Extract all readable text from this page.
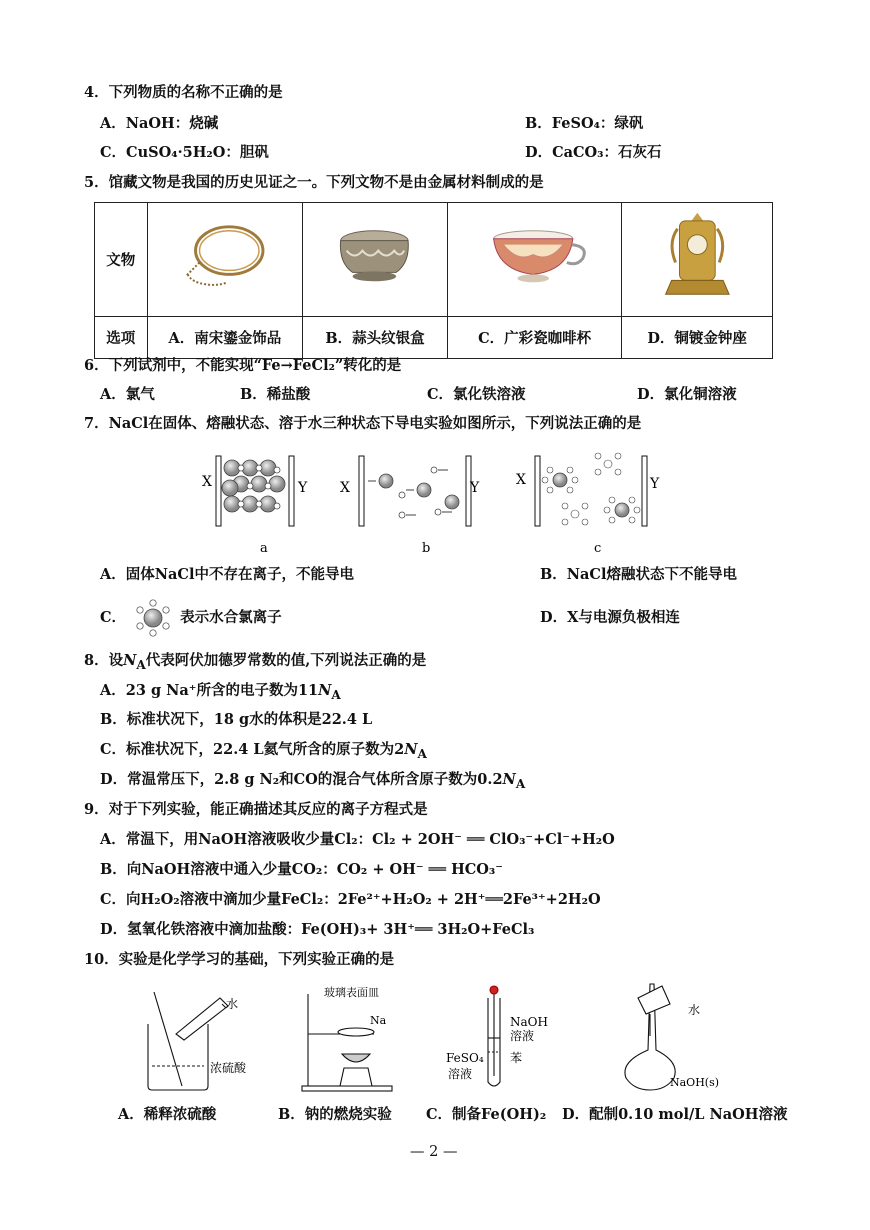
4．下列物质的名称不正确的是
A．NaOH：烧碱	B．FeSO₄：绿矾
C．CuSO₄·5H₂O：胆矾	D．CaCO₃：石灰石
5．馆藏文物是我国的历史见证之一。下列文物不是由金属材料制成的是
文物				
选项	A．南宋鎏金饰品	B．蒜头纹银盒	C．广彩瓷咖啡杯	D．铜镀金钟座
6．下列试剂中，不能实现“Fe→FeCl₂”转化的是
A．氯气	B．稀盐酸	C．氯化铁溶液	D．氯化铜溶液
7．NaCl在固体、熔融状态、溶于水三种状态下导电实验如图所示，下列说法正确的是
X	Y
a
X	Y
b
X	Y
c
A．固体NaCl中不存在离子，不能导电	B．NaCl熔融状态下不能导电
C．	表示水合氯离子	D．X与电源负极相连
8．设$N_A$代表阿伏加德罗常数的值,下列说法正确的是
A．23 g Na⁺所含的电子数为$11N_A$
B．标准状况下，18 g水的体积是22.4 L
C．标准状况下，22.4 L氦气所含的原子数为$2N_A$
D．常温常压下，2.8 g N₂和CO的混合气体所含原子数为$0.2N_A$
9．对于下列实验，能正确描述其反应的离子方程式是
A．常温下，用NaOH溶液吸收少量Cl₂：Cl₂ + 2OH⁻ ══ ClO₃⁻+Cl⁻+H₂O
B．向NaOH溶液中通入少量CO₂：CO₂ + OH⁻ ══ HCO₃⁻
C．向H₂O₂溶液中滴加少量FeCl₂：2Fe²⁺+H₂O₂ + 2H⁺══2Fe³⁺+2H₂O
D．氢氧化铁溶液中滴加盐酸：Fe(OH)₃+ 3H⁺══ 3H₂O+FeCl₃
10．实验是化学学习的基础，下列实验正确的是
水
浓硫酸
玻璃表面皿
Na	NaOH
溶液
苯
FeSO₄
溶液
水
NaOH(s)
A．稀释浓硫酸	B．钠的燃烧实验 C．制备Fe(OH)₂ D．配制0.10 mol/L NaOH溶液
— 2 —
